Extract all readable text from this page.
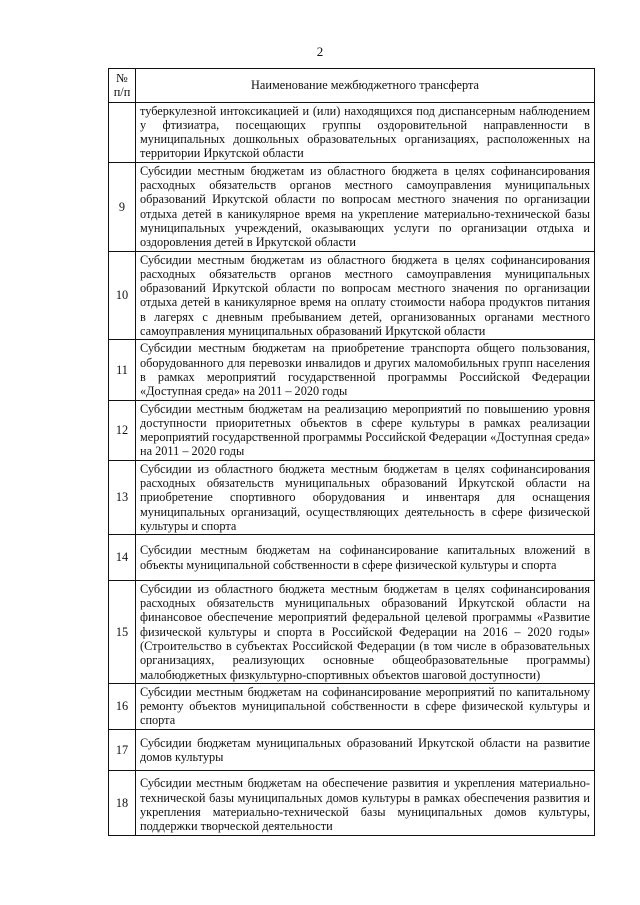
2
№
п/п	Наименование межбюджетного трансферта
	туберкулезной интоксикацией и (или) находящихся под диспансерным наблюдением у фтизиатра, посещающих группы оздоровительной направленности в муниципальных дошкольных образовательных организациях, расположенных на территории Иркутской области
9	Субсидии местным бюджетам из областного бюджета в целях софинансирования расходных обязательств органов местного самоуправления муниципальных образований Иркутской области по вопросам местного значения по организации отдыха детей в каникулярное время на укрепление материально-технической базы муниципальных учреждений, оказывающих услуги по организации отдыха и оздоровления детей в Иркутской области
10	Субсидии местным бюджетам из областного бюджета в целях софинансирования расходных обязательств органов местного самоуправления муниципальных образований Иркутской области по вопросам местного значения по организации отдыха детей в каникулярное время на оплату стоимости набора продуктов питания в лагерях с дневным пребыванием детей, организованных органами местного самоуправления муниципальных образований Иркутской области
11	Субсидии местным бюджетам на приобретение транспорта общего пользования, оборудованного для перевозки инвалидов и других маломобильных групп населения в рамках мероприятий государственной программы Российской Федерации «Доступная среда» на 2011 – 2020 годы
12	Субсидии местным бюджетам на реализацию мероприятий по повышению уровня доступности приоритетных объектов в сфере культуры в рамках реализации мероприятий государственной программы Российской Федерации «Доступная среда» на 2011 – 2020 годы
13	Субсидии из областного бюджета местным бюджетам в целях софинансирования расходных обязательств муниципальных образований Иркутской области на приобретение спортивного оборудования и инвентаря для оснащения муниципальных организаций, осуществляющих деятельность в сфере физической культуры и спорта
14	Субсидии местным бюджетам на софинансирование капитальных вложений в объекты муниципальной собственности в сфере физической культуры и спорта
15	Субсидии из областного бюджета местным бюджетам в целях софинансирования расходных обязательств муниципальных образований Иркутской области на финансовое обеспечение мероприятий федеральной целевой программы «Развитие физической культуры и спорта в Российской Федерации на 2016 – 2020 годы» (Строительство в субъектах Российской Федерации (в том числе в образовательных организациях, реализующих основные общеобразовательные программы) малобюджетных физкультурно-спортивных объектов шаговой доступности)
16	Субсидии местным бюджетам на софинансирование мероприятий по капитальному ремонту объектов муниципальной собственности в сфере физической культуры и спорта
17	Субсидии бюджетам муниципальных образований Иркутской области на развитие домов культуры
18	Субсидии местным бюджетам на обеспечение развития и укрепления материально-технической базы муниципальных домов культуры в рамках обеспечения развития и укрепления материально-технической базы муниципальных домов культуры, поддержки творческой деятельности
